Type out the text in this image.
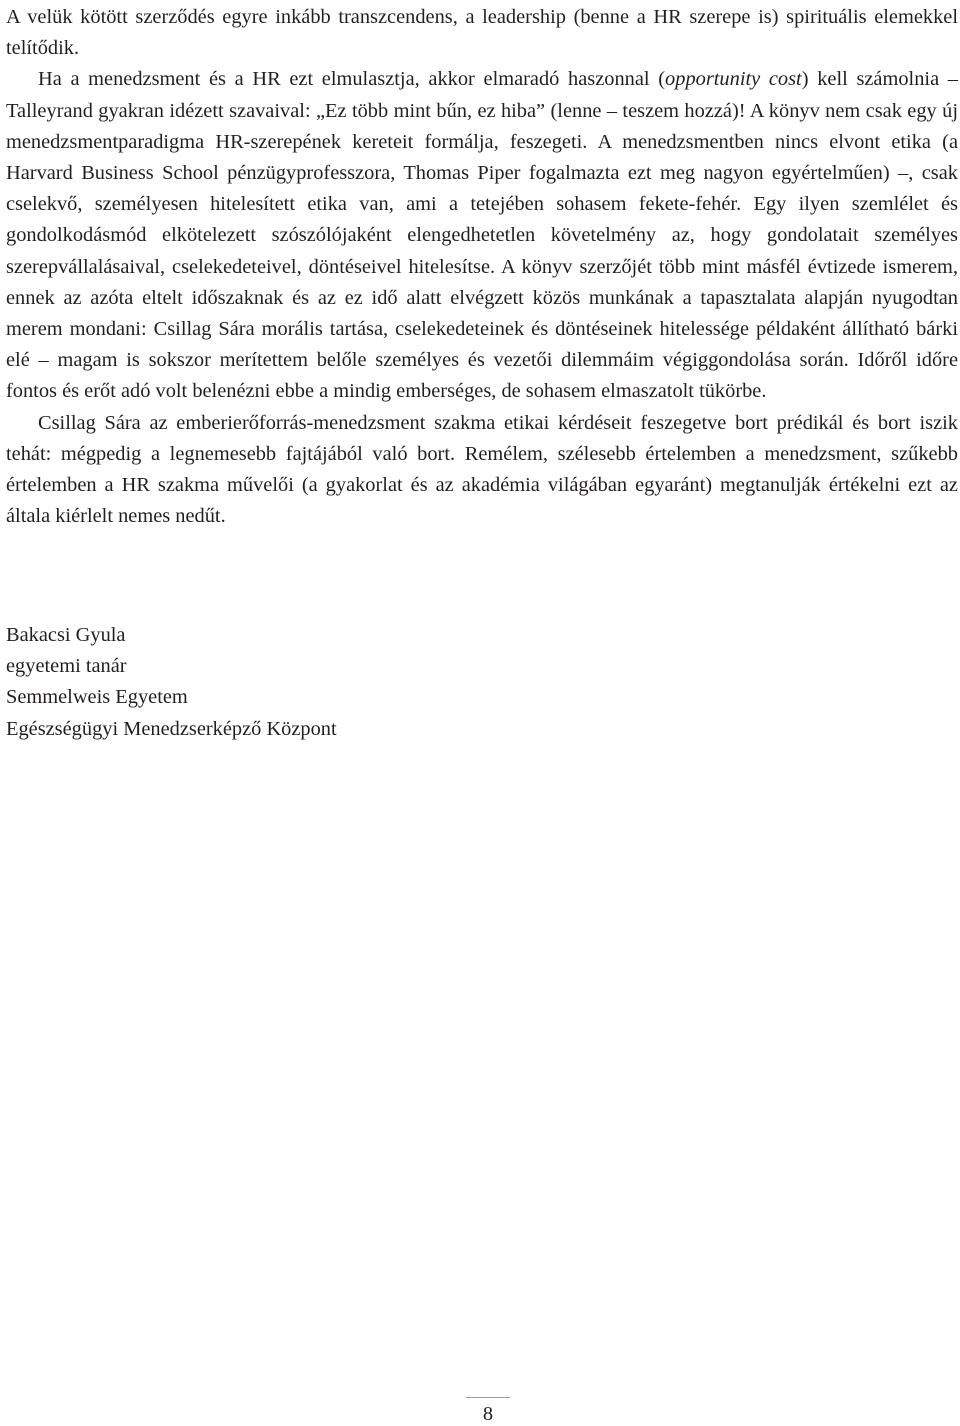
A velük kötött szerződés egyre inkább transzcendens, a leadership (benne a HR szerepe is) spirituális elemekkel telítődik.

Ha a menedzsment és a HR ezt elmulasztja, akkor elmaradó haszonnal (opportunity cost) kell számolnia – Talleyrand gyakran idézett szavaival: „Ez több mint bűn, ez hiba” (lenne – teszem hozzá)! A könyv nem csak egy új menedzsmentparadigma HR-szerepének kereteit formálja, feszegeti. A menedzsmentben nincs elvont etika (a Harvard Business School pénzügyprofesszora, Thomas Piper fogalmazta ezt meg nagyon egyértelműen) –, csak cselekvő, személyesen hitelesített etika van, ami a tetejében sohasem fekete-fehér. Egy ilyen szemlélet és gondolkodásmód elkötelezett szószólójaként elengedhetetlen követelmény az, hogy gondolatait személyes szerepvállalásaival, cselekedeteivel, döntéseivel hitelesítse. A könyv szerzőjét több mint másfél évtizede ismerem, ennek az azóta eltelt időszaknak és az ez idő alatt elvégzett közös munkának a tapasztalata alapján nyugodtan merem mondani: Csillag Sára morális tartása, cselekedeteinek és döntéseinek hitelessége példaként állítható bárki elé – magam is sokszor merítettem belőle személyes és vezetői dilemmáim végiggondolása során. Időről időre fontos és erőt adó volt belenézni ebbe a mindig emberséges, de sohasem elmaszatolt tükörbe.

Csillag Sára az emberierőforrás-menedzsment szakma etikai kérdéseit feszegetve bort prédikál és bort iszik tehát: mégpedig a legnemesebb fajtájából való bort. Remélem, szélesebb értelemben a menedzsment, szűkebb értelemben a HR szakma művelői (a gyakorlat és az akadémia világában egyaránt) megtanulják értékelni ezt az általa kiérlelt nemes nedűt.

Bakacsi Gyula
egyetemi tanár
Semmelweis Egyetem
Egészségügyi Menedzserképző Központ
8
